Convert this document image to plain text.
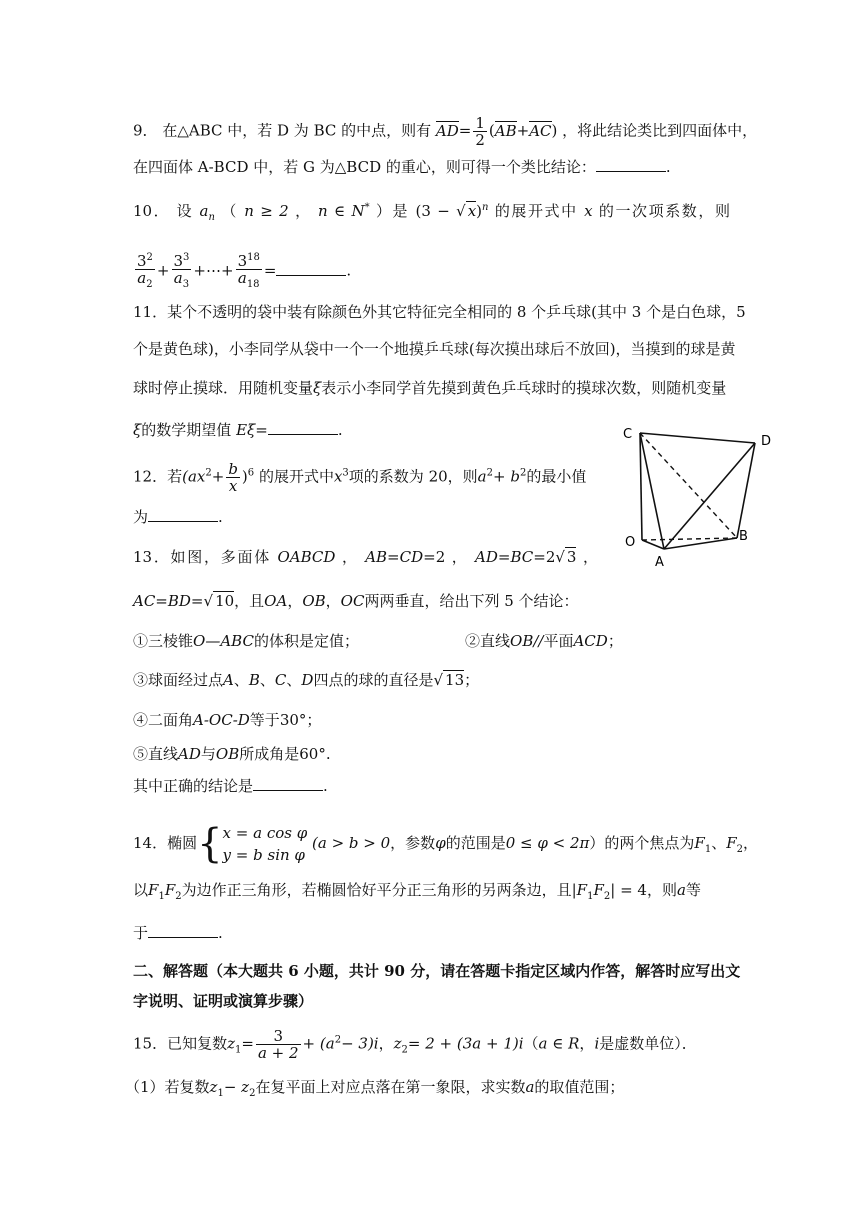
9． 在△ABC 中，若 D 为 BC 的中点，则有 $AD= \frac{1}{2} (AB+AC)$ ，将此结论类比到四面体中，
在四面体 A-BCD 中，若 G 为△BCD 的重心，则可得一个类比结论：	.
10． 设 $a_n$ （ n ≥ 2 ， n ∈ N* ）是 (3 − √ x)$^n$ 的展开式中 x 的一次项系数，则
$\frac{3^2}{a_2} + \frac{3^3}{a_3}$ +⋯+ $\frac{3^{18}}{a_{18}}$ =	.
11．某个不透明的袋中装有除颜色外其它特征完全相同的 8 个乒乓球(其中 3 个是白色球，5
个是黄色球)，小李同学从袋中一个一个地摸乒乓球(每次摸出球后不放回)，当摸到的球是黄
球时停止摸球．用随机变量ξ表示小李同学首先摸到黄色乒乓球时的摸球次数，则随机变量
ξ的数学期望值 Eξ=	.
12．若$(ax^2+ \frac{b}{x} )^6$ 的展开式中$x^3$项的系数为 20，则$a^2+ b^2$的最小值
为	.
C	D
O
A
B
13．如图，多面体 OABCD ， AB=CD=2 ， AD=BC=2√ 3 ，
AC=BD=√ 10，且OA，OB，OC两两垂直，给出下列 5 个结论：
①三棱锥O—ABC的体积是定值；	②直线OB//平面ACD；
③球面经过点A、B、C、D四点的球的直径是√ 13；
④二面角A-OC-D等于30°；
⑤直线AD与OB所成角是60°.
其中正确的结论是	.
14．椭圆{ x = a cos φ
y = b sin φ
(a > b > 0，参数φ的范围是0 ≤ φ < 2π）的两个焦点为$F_1$、$F_2$，
以$F_1F_2$为边作正三角形，若椭圆恰好平分正三角形的另两条边，且$|F_1F_2| = 4$，则a等
于	.
二、解答题（本大题共 6 小题，共计 90 分，请在答题卡指定区域内作答，解答时应写出文
字说明、证明或演算步骤）
15．已知复数$z_1= \frac{3}{a + 2} + (a^2- 3)i$，$z_2= 2 + (3a + 1)i(a$ ∈ R，i是虚数单位）．
（1）若复数$z_1- z_2$在复平面上对应点落在第一象限，求实数a的取值范围；
